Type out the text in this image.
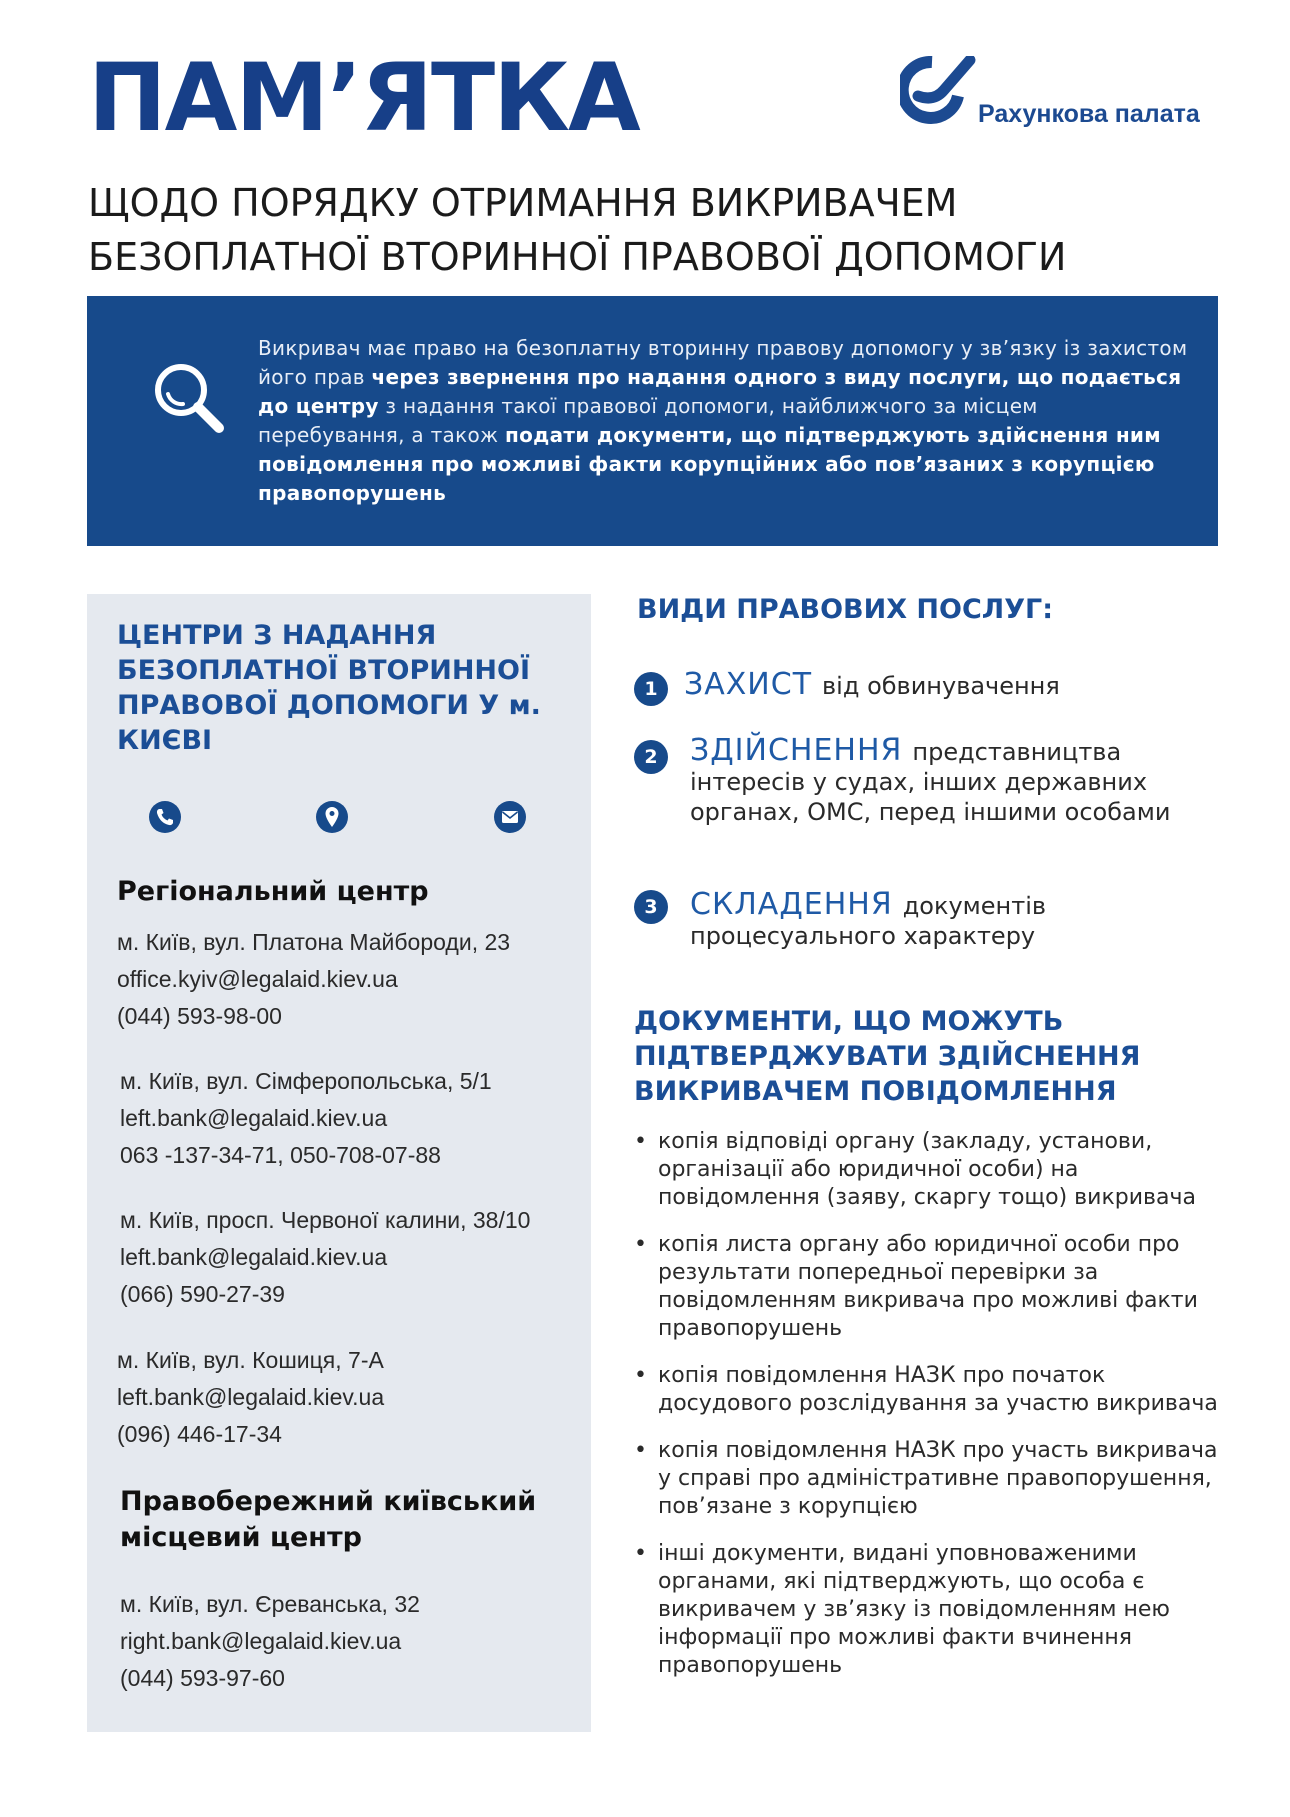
ПАМ’ЯТКА	Рахункова палата
ЩОДО ПОРЯДКУ ОТРИМАННЯ ВИКРИВАЧЕМ БЕЗОПЛАТНОЇ ВТОРИННОЇ ПРАВОВОЇ ДОПОМОГИ
Викривач має право на безоплатну вторинну правову допомогу у зв’язку із захистом його прав через звернення про надання одного з виду послуги, що подається до центру з надання такої правової допомоги, найближчого за місцем перебування, а також подати документи, що підтверджують здійснення ним повідомлення про можливі факти корупційних або пов’язаних з корупцією правопорушень
ЦЕНТРИ З НАДАННЯ БЕЗОПЛАТНОЇ ВТОРИННОЇ ПРАВОВОЇ ДОПОМОГИ У м. КИЄВІ
Регіональний центр
м. Київ, вул. Платона Майбороди, 23
office.kyiv@legalaid.kiev.ua
(044) 593-98-00
м. Київ, вул. Сімферопольська, 5/1
left.bank@legalaid.kiev.ua
063 -137-34-71, 050-708-07-88
м. Київ, просп. Червоної калини, 38/10
left.bank@legalaid.kiev.ua
(066) 590-27-39
м. Київ, вул. Кошиця, 7-А
left.bank@legalaid.kiev.ua
(096) 446-17-34
Правобережний київський місцевий центр
м. Київ, вул. Єреванська, 32
right.bank@legalaid.kiev.ua
(044) 593-97-60
ВИДИ ПРАВОВИХ ПОСЛУГ:
1 ЗАХИСТ від обвинувачення
2	ЗДІЙСНЕННЯ представництва інтересів у судах, інших державних органах, ОМС, перед іншими особами
3	СКЛАДЕННЯ документів процесуального характеру
ДОКУМЕНТИ, ЩО МОЖУТЬ ПІДТВЕРДЖУВАТИ ЗДІЙСНЕННЯ ВИКРИВАЧЕМ ПОВІДОМЛЕННЯ
• копія відповіді органу (закладу, установи, організації або юридичної особи) на повідомлення (заяву, скаргу тощо) викривача
• копія листа органу або юридичної особи про результати попередньої перевірки за повідомленням викривача про можливі факти правопорушень
• копія повідомлення НАЗК про початок досудового розслідування за участю викривача
• копія повідомлення НАЗК про участь викривача у справі про адміністративне правопорушення, пов’язане з корупцією
• інші документи, видані уповноваженими органами, які підтверджують, що особа є викривачем у зв’язку із повідомленням нею інформації про можливі факти вчинення правопорушень
